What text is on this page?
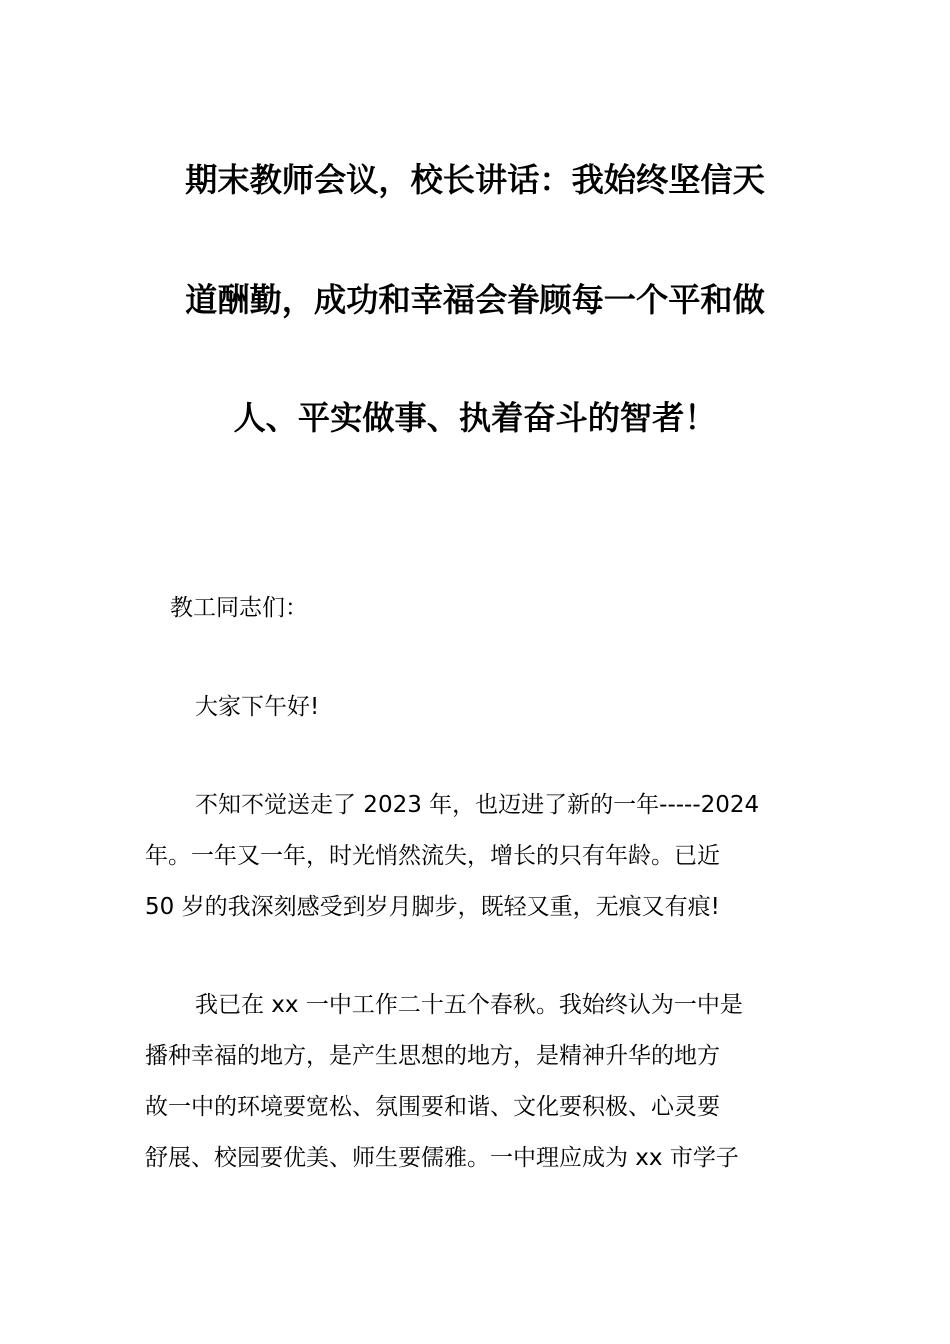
期末教师会议，校长讲话：我始终坚信天
道酬勤，成功和幸福会眷顾每一个平和做
人、平实做事、执着奋斗的智者！
教工同志们：
大家下午好!
不知不觉送走了 2023 年，也迈进了新的一年-----2024
年。一年又一年，时光悄然流失，增长的只有年龄。已近
50 岁的我深刻感受到岁月脚步，既轻又重，无痕又有痕!
我已在 xx 一中工作二十五个春秋。我始终认为一中是
播种幸福的地方，是产生思想的地方，是精神升华的地方
故一中的环境要宽松、氛围要和谐、文化要积极、心灵要
舒展、校园要优美、师生要儒雅。一中理应成为 xx 市学子
